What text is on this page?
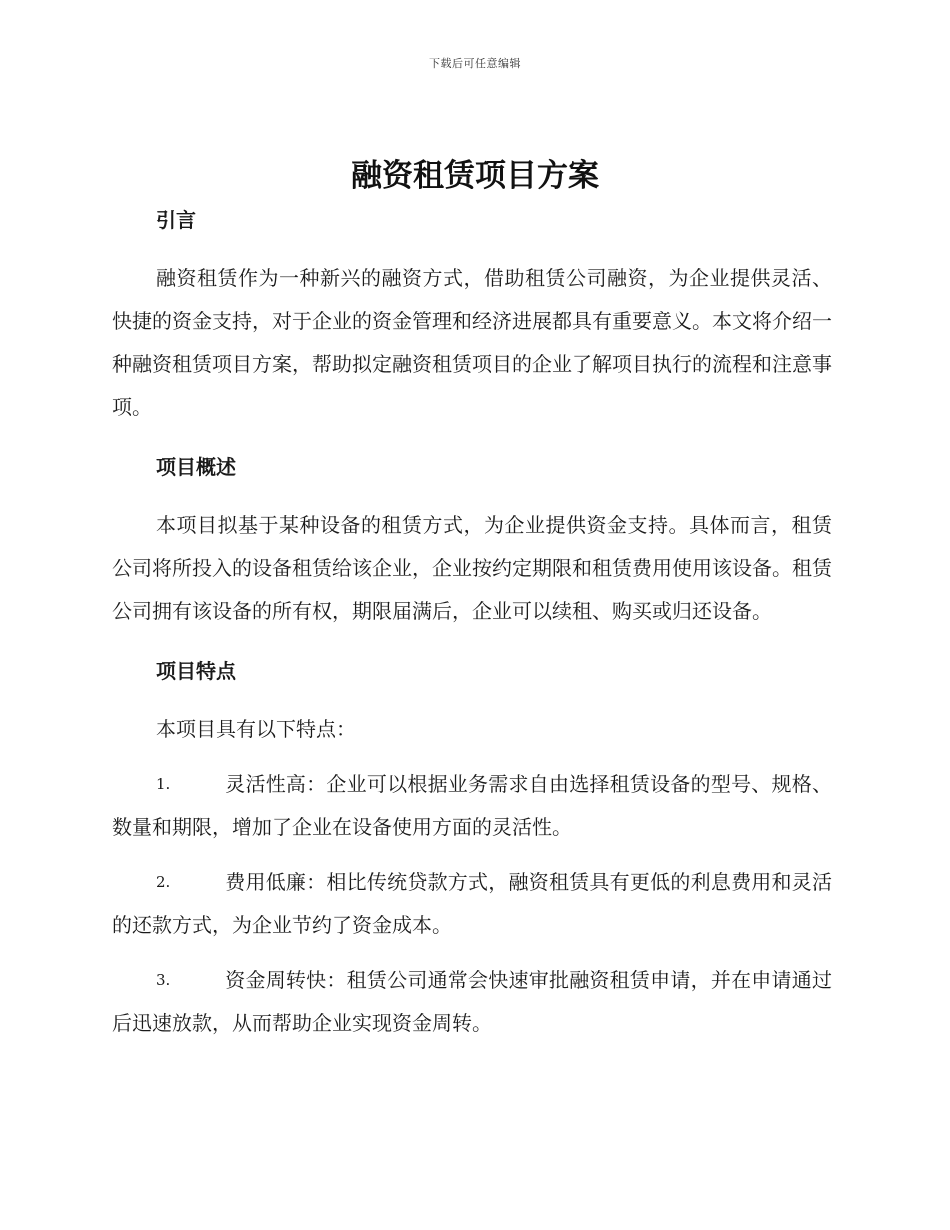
下载后可任意编辑
融资租赁项目方案
引言

融资租赁作为一种新兴的融资方式，借助租赁公司融资，为企业提供灵活、快捷的资金支持，对于企业的资金管理和经济进展都具有重要意义。本文将介绍一种融资租赁项目方案，帮助拟定融资租赁项目的企业了解项目执行的流程和注意事项。

项目概述

本项目拟基于某种设备的租赁方式，为企业提供资金支持。具体而言，租赁公司将所投入的设备租赁给该企业，企业按约定期限和租赁费用使用该设备。租赁公司拥有该设备的所有权，期限届满后，企业可以续租、购买或归还设备。

项目特点

本项目具有以下特点：

1.	灵活性高：企业可以根据业务需求自由选择租赁设备的型号、规格、数量和期限，增加了企业在设备使用方面的灵活性。

2.	费用低廉：相比传统贷款方式，融资租赁具有更低的利息费用和灵活的还款方式，为企业节约了资金成本。

3.	资金周转快：租赁公司通常会快速审批融资租赁申请，并在申请通过后迅速放款，从而帮助企业实现资金周转。
